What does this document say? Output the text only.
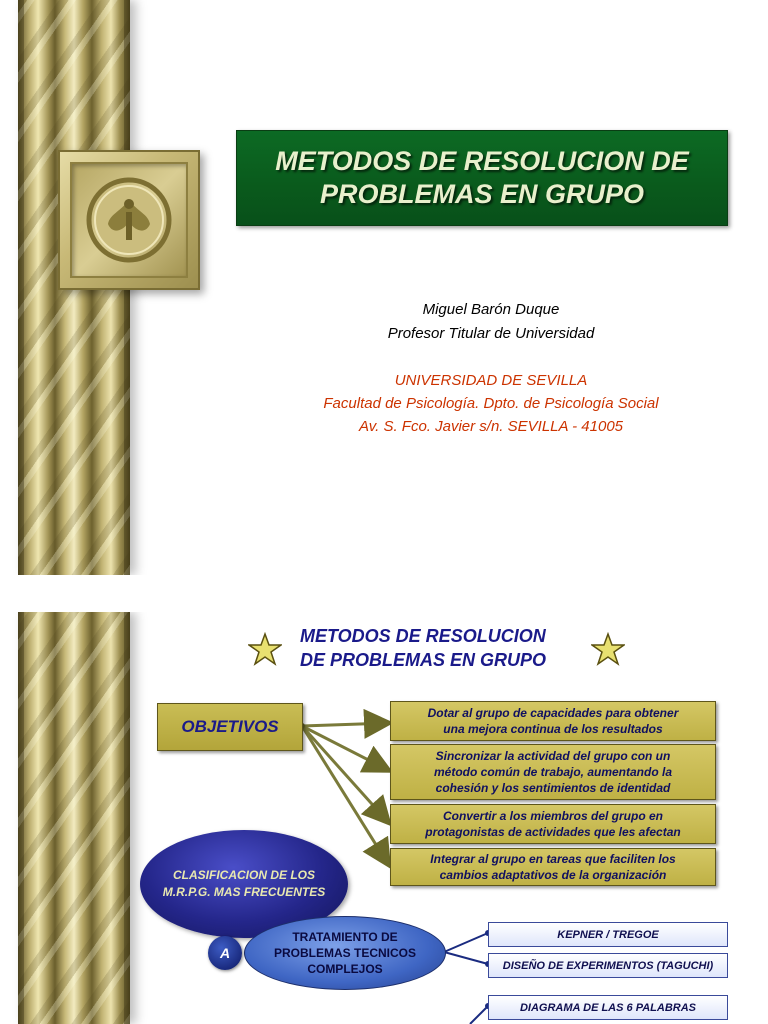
METODOS DE RESOLUCION DE
PROBLEMAS EN GRUPO
Miguel Barón Duque
Profesor Titular de Universidad
UNIVERSIDAD DE SEVILLA
Facultad de Psicología. Dpto. de Psicología Social
Av. S. Fco. Javier s/n. SEVILLA - 41005
METODOS DE RESOLUCION
DE PROBLEMAS EN GRUPO
OBJETIVOS
Dotar al grupo de capacidades para obtener
una mejora continua de los resultados
Sincronizar la actividad del grupo con un
método común de trabajo, aumentando la
cohesión y los sentimientos de identidad
Convertir a los miembros del grupo en
protagonistas de actividades que les afectan
Integrar al grupo en tareas que faciliten los
cambios adaptativos de la organización
CLASIFICACION DE LOS
M.R.P.G. MAS FRECUENTES
TRATAMIENTO DE
PROBLEMAS TECNICOS
COMPLEJOS
A
KEPNER / TREGOE
DISEÑO DE EXPERIMENTOS (TAGUCHI)
DIAGRAMA DE LAS 6 PALABRAS
